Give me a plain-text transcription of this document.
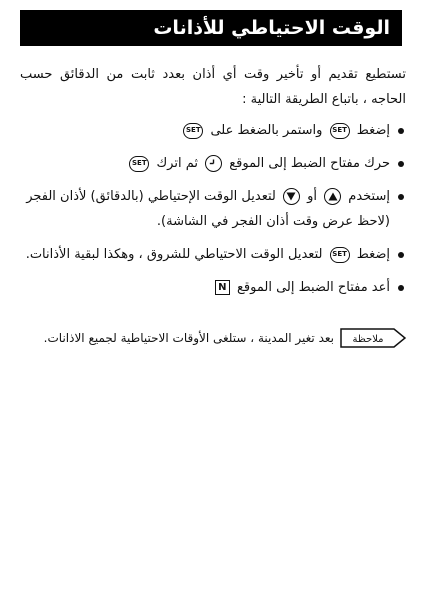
الوقت الاحتياطي للأذانات

تستطيع تقديم أو تأخير وقت أي أذان بعدد ثابت من الدقائق حسب الحاجه ، باتباع الطريقة التالية :

إضغط SET واستمر بالضغط على SET
حرك مفتاح الضبط إلى الموقع
ثم اترك SET
إستخدم
أو
لتعديل الوقت الإحتياطي (بالدقائق) لأذان الفجر (لاحظ عرض وقت أذان الفجر في الشاشة).
إضغط SET لتعديل الوقت الاحتياطي للشروق ، وهكذا لبقية الأذانات.
أعد مفتاح الضبط إلى الموقع N
ملاحظة
بعد تغير المدينة ، ستلغى الأوقات الاحتياطية لجميع الاذانات.
